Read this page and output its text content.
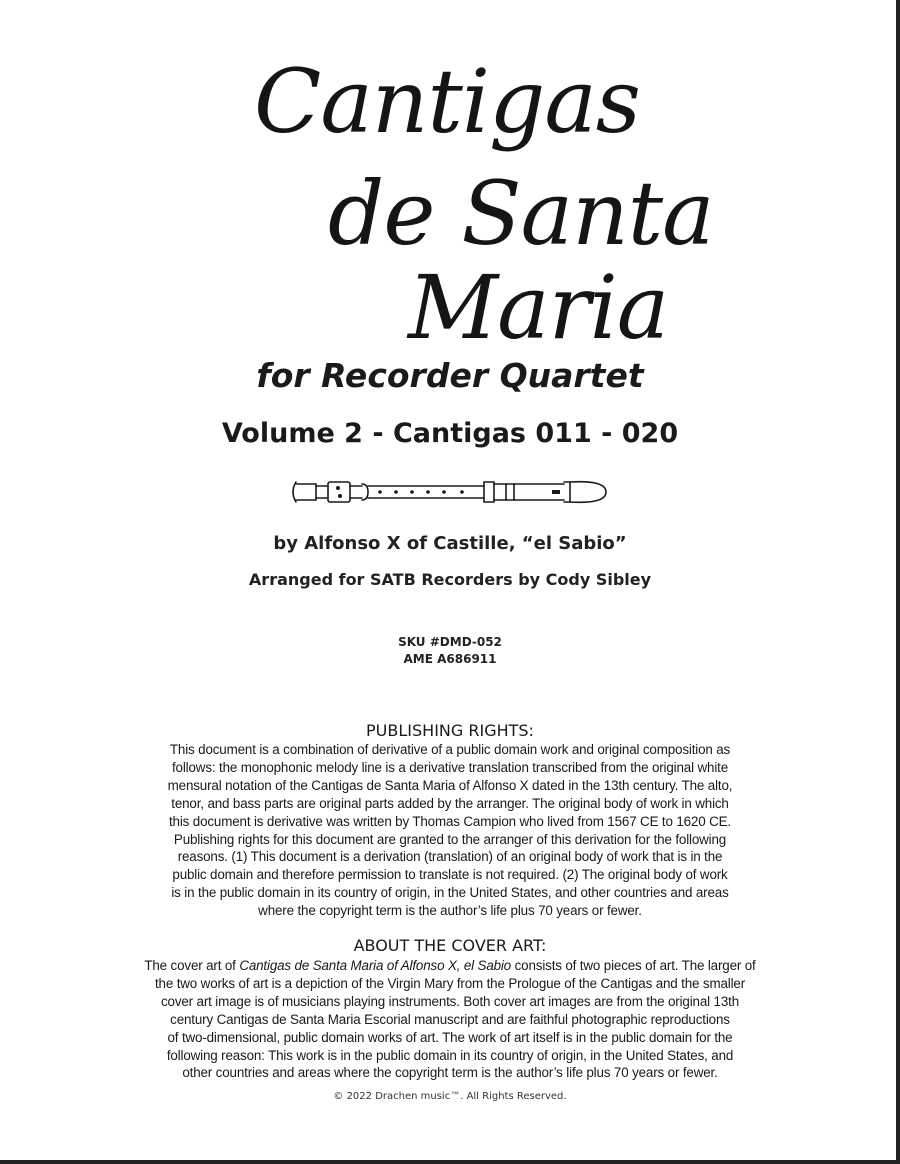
Cantigas
de Santa
Maria
for Recorder Quartet
Volume 2 - Cantigas 011 - 020
by Alfonso X of Castille, “el Sabio”
Arranged for SATB Recorders by Cody Sibley
SKU #DMD-052
AME A686911
PUBLISHING RIGHTS:
This document is a combination of derivative of a public domain work and original composition as
follows: the monophonic melody line is a derivative translation transcribed from the original white
mensural notation of the Cantigas de Santa Maria of Alfonso X dated in the 13th century. The alto,
tenor, and bass parts are original parts added by the arranger. The original body of work in which
this document is derivative was written by Thomas Campion who lived from 1567 CE to 1620 CE.
Publishing rights for this document are granted to the arranger of this derivation for the following
reasons. (1) This document is a derivation (translation) of an original body of work that is in the
public domain and therefore permission to translate is not required. (2) The original body of work
is in the public domain in its country of origin, in the United States, and other countries and areas
where the copyright term is the author’s life plus 70 years or fewer.
ABOUT THE COVER ART:
The cover art of Cantigas de Santa Maria of Alfonso X, el Sabio consists of two pieces of art. The larger of
the two works of art is a depiction of the Virgin Mary from the Prologue of the Cantigas and the smaller
cover art image is of musicians playing instruments. Both cover art images are from the original 13th
century Cantigas de Santa Maria Escorial manuscript and are faithful photographic reproductions
of two-dimensional, public domain works of art. The work of art itself is in the public domain for the
following reason: This work is in the public domain in its country of origin, in the United States, and
other countries and areas where the copyright term is the author’s life plus 70 years or fewer.
© 2022 Drachen music™. All Rights Reserved.
